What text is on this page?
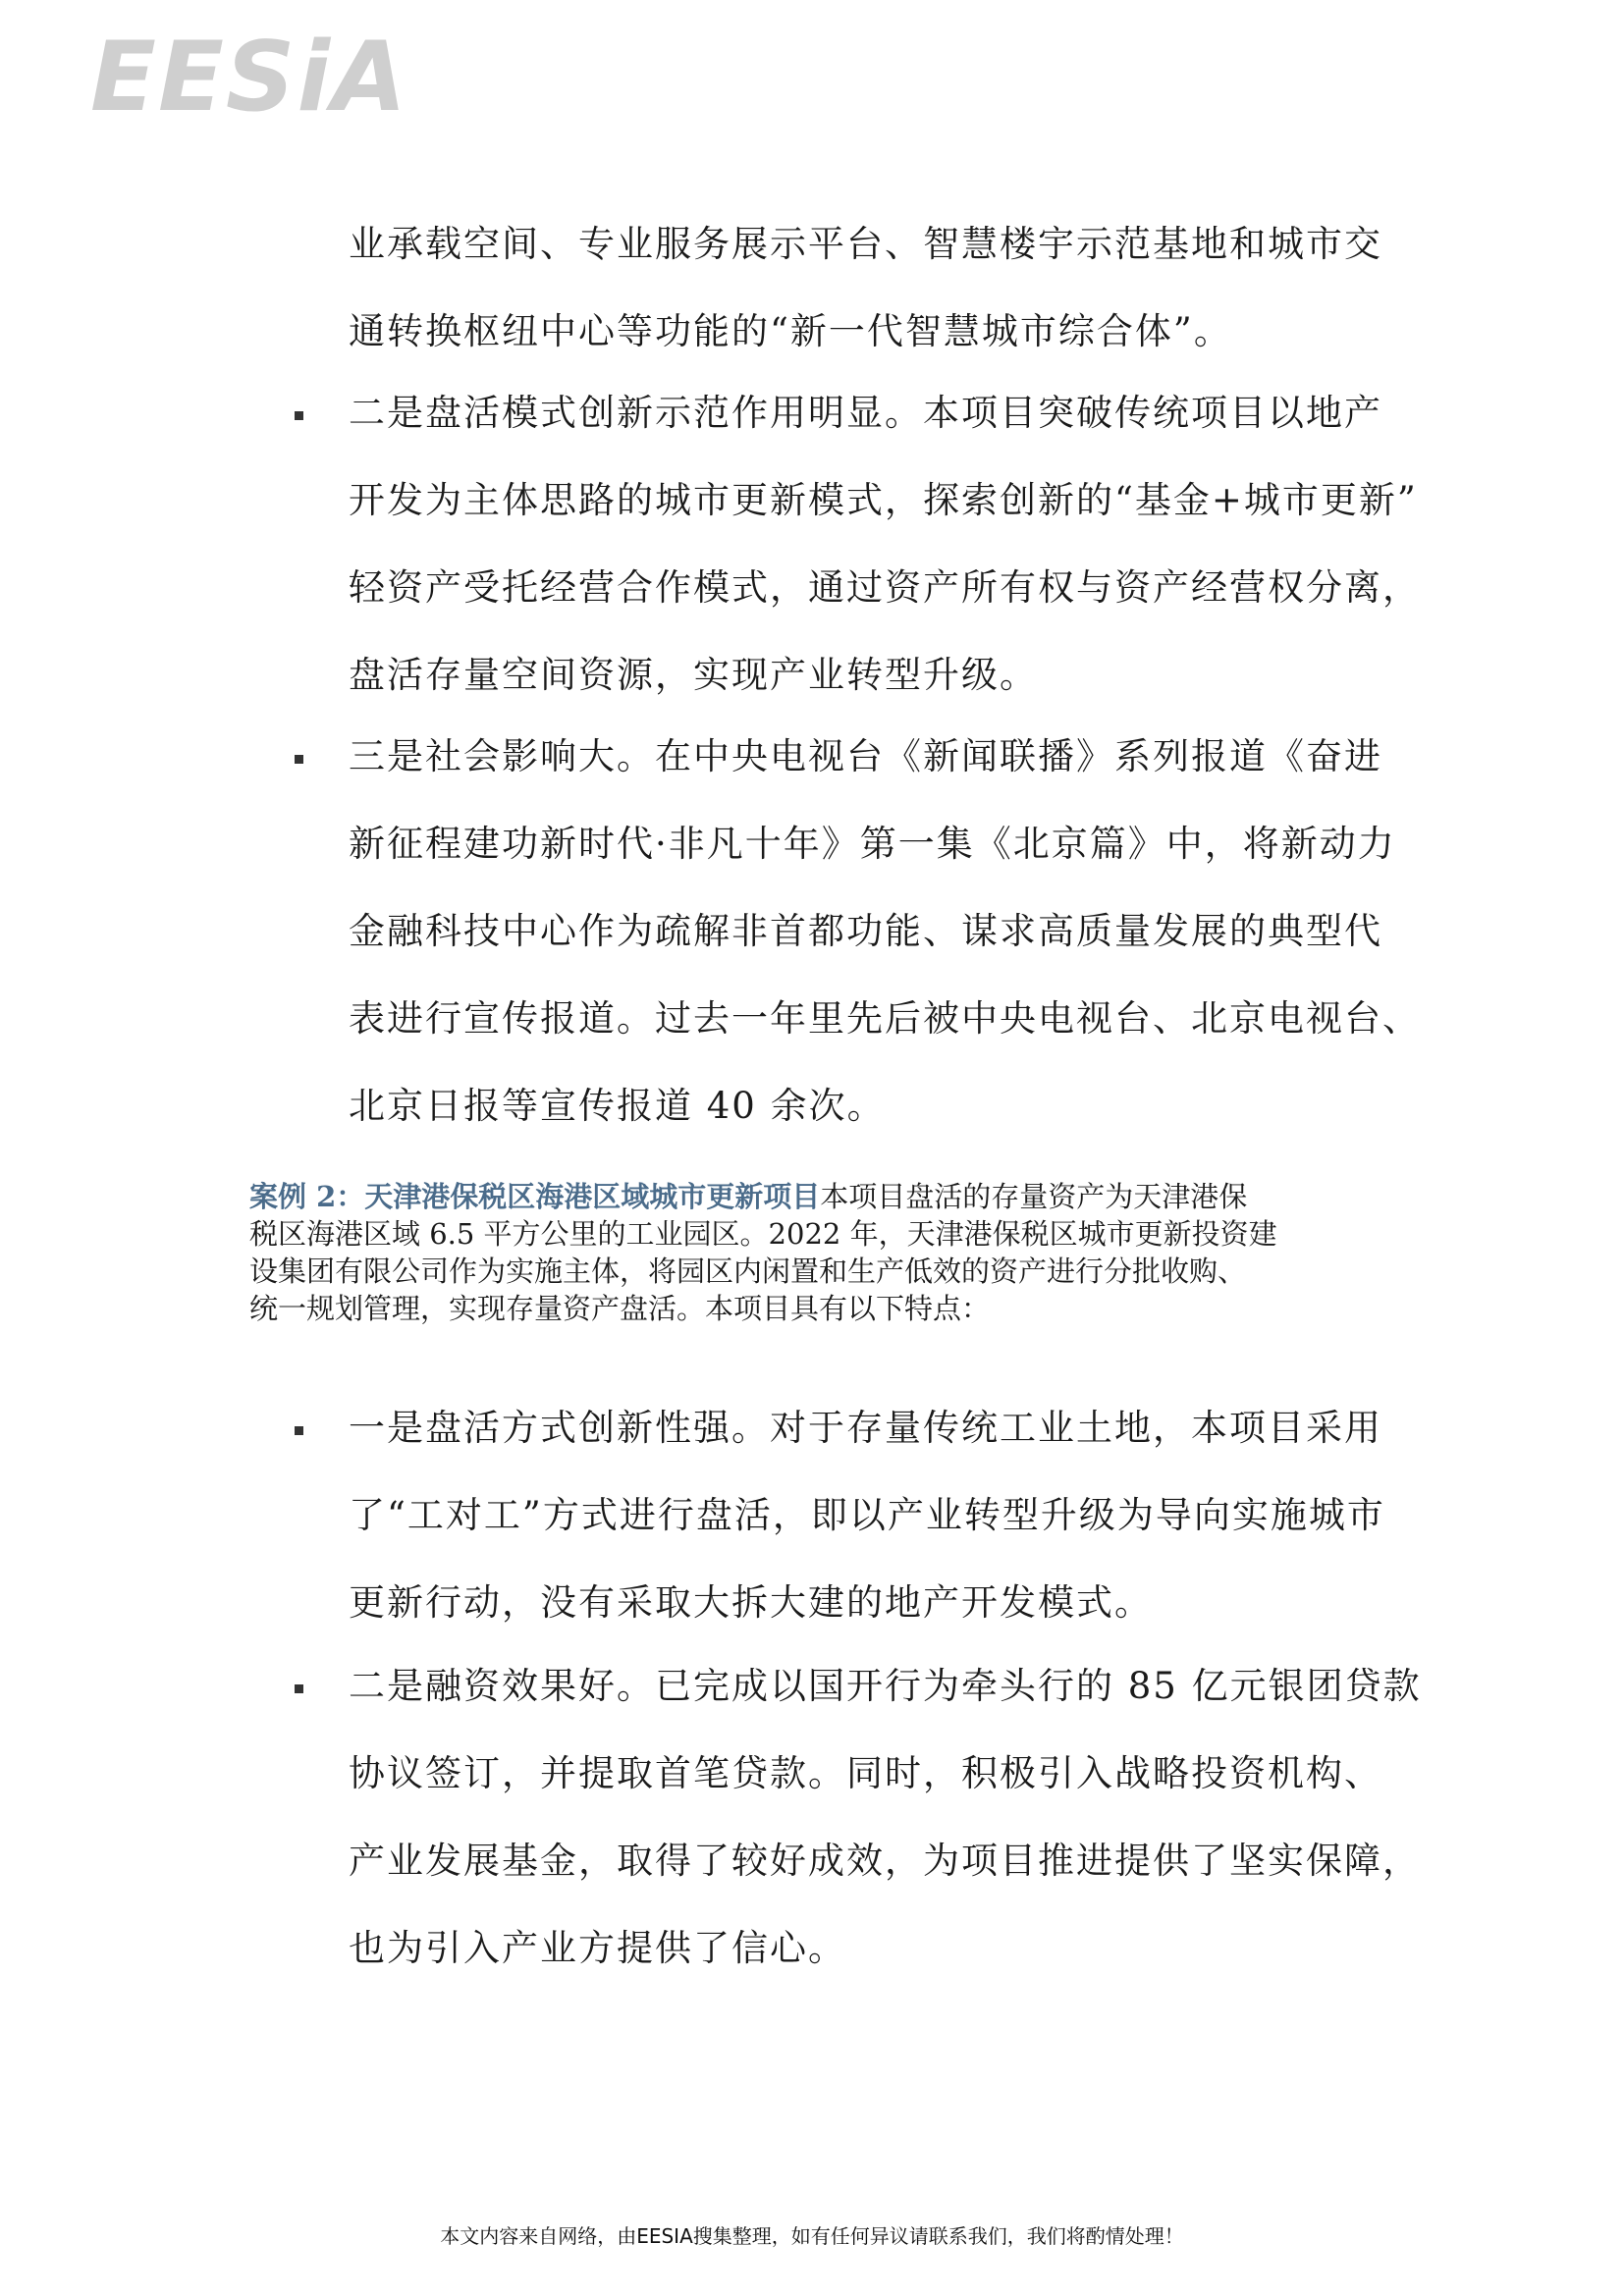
EESiA
业承载空间、专业服务展示平台、智慧楼宇示范基地和城市交
通转换枢纽中心等功能的“新一代智慧城市综合体”。
二是盘活模式创新示范作用明显。本项目突破传统项目以地产
开发为主体思路的城市更新模式，探索创新的“基金+城市更新”
轻资产受托经营合作模式，通过资产所有权与资产经营权分离，
盘活存量空间资源，实现产业转型升级。
三是社会影响大。在中央电视台《新闻联播》系列报道《奋进
新征程建功新时代·非凡十年》第一集《北京篇》中，将新动力
金融科技中心作为疏解非首都功能、谋求高质量发展的典型代
表进行宣传报道。过去一年里先后被中央电视台、北京电视台、
北京日报等宣传报道 40 余次。
案例 2：天津港保税区海港区域城市更新项目本项目盘活的存量资产为天津港保
税区海港区域 6.5 平方公里的工业园区。2022 年，天津港保税区城市更新投资建
设集团有限公司作为实施主体，将园区内闲置和生产低效的资产进行分批收购、
统一规划管理，实现存量资产盘活。本项目具有以下特点：
一是盘活方式创新性强。对于存量传统工业土地，本项目采用
了“工对工”方式进行盘活，即以产业转型升级为导向实施城市
更新行动，没有采取大拆大建的地产开发模式。
二是融资效果好。已完成以国开行为牵头行的 85 亿元银团贷款
协议签订，并提取首笔贷款。同时，积极引入战略投资机构、
产业发展基金，取得了较好成效，为项目推进提供了坚实保障，
也为引入产业方提供了信心。
本文内容来自网络，由EESIA搜集整理，如有任何异议请联系我们，我们将酌情处理！
